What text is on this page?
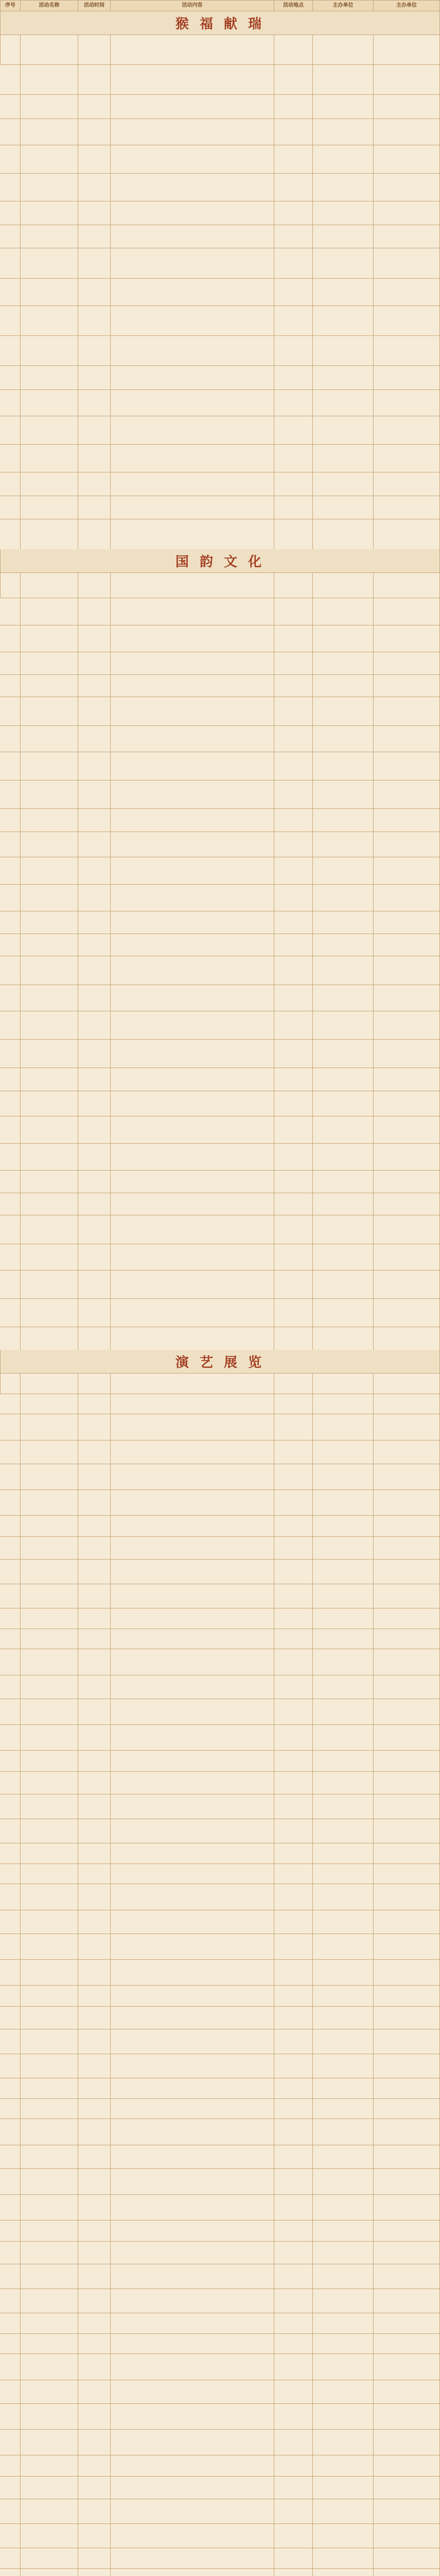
序号	活动名称	活动时间	活动内容	活动地点	主办单位	主办单位
猴 福 献 瑞
国 韵 文 化
演 艺 展 览
